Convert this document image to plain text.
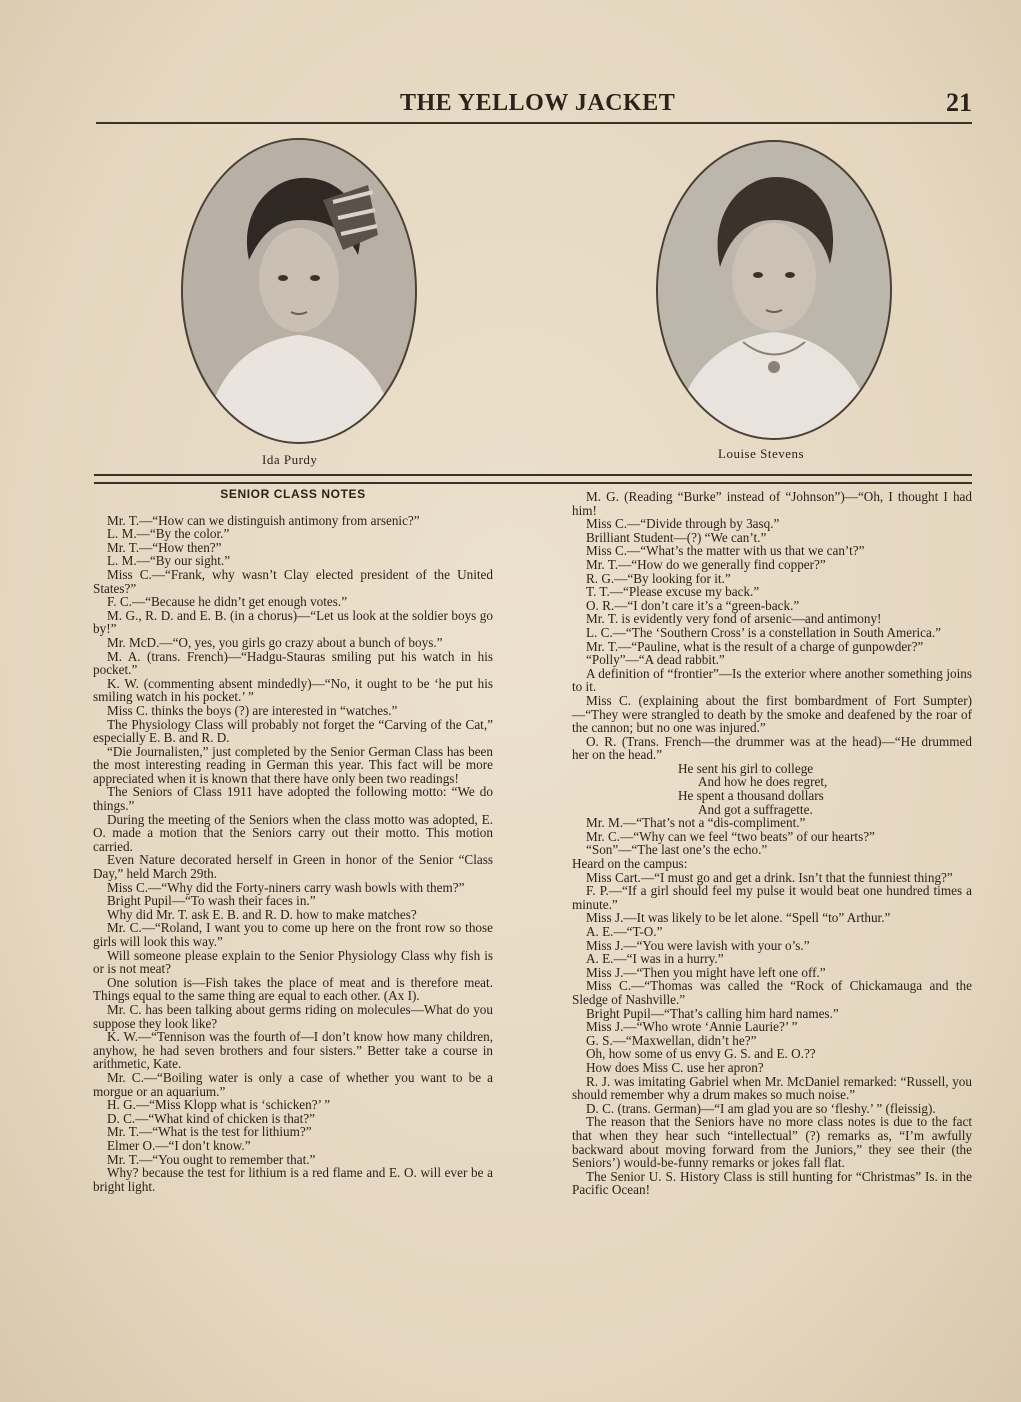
THE YELLOW JACKET	21
Ida Purdy	Louise Stevens
SENIOR CLASS NOTES

Mr. T.—“How can we distinguish antimony from arsenic?”

L. M.—“By the color.”

Mr. T.—“How then?”

L. M.—“By our sight.”

Miss C.—“Frank, why wasn’t Clay elected president of the United States?”

F. C.—“Because he didn’t get enough votes.”

M. G., R. D. and E. B. (in a chorus)—“Let us look at the soldier boys go by!”

Mr. McD.—“O, yes, you girls go crazy about a bunch of boys.”

M. A. (trans. French)—“Hadgu-Stauras smiling put his watch in his pocket.”

K. W. (commenting absent mindedly)—“No, it ought to be ‘he put his smiling watch in his pocket.’ ”

Miss C. thinks the boys (?) are interested in “watches.”

The Physiology Class will probably not forget the “Carving of the Cat,” especially E. B. and R. D.

“Die Journalisten,” just completed by the Senior German Class has been the most interesting reading in German this year. This fact will be more appreciated when it is known that there have only been two readings!

The Seniors of Class 1911 have adopted the following motto: “We do things.”

During the meeting of the Seniors when the class motto was adopted, E. O. made a motion that the Seniors carry out their motto. This motion carried.

Even Nature decorated herself in Green in honor of the Senior “Class Day,” held March 29th.

Miss C.—“Why did the Forty-niners carry wash bowls with them?”

Bright Pupil—“To wash their faces in.”

Why did Mr. T. ask E. B. and R. D. how to make matches?

Mr. C.—“Roland, I want you to come up here on the front row so those girls will look this way.”

Will someone please explain to the Senior Physiology Class why fish is or is not meat?

One solution is—Fish takes the place of meat and is therefore meat. Things equal to the same thing are equal to each other. (Ax I).

Mr. C. has been talking about germs riding on molecules—What do you suppose they look like?

K. W.—“Tennison was the fourth of—I don’t know how many children, anyhow, he had seven brothers and four sisters.” Better take a course in arithmetic, Kate.

Mr. C.—“Boiling water is only a case of whether you want to be a morgue or an aquarium.”

H. G.—“Miss Klopp what is ‘schicken?’ ”

D. C.—“What kind of chicken is that?”

Mr. T.—“What is the test for lithium?”

Elmer O.—“I don’t know.”

Mr. T.—“You ought to remember that.”

Why? because the test for lithium is a red flame and E. O. will ever be a bright light.

M. G. (Reading “Burke” instead of “Johnson”)—“Oh, I thought I had him!

Miss C.—“Divide through by 3asq.”

Brilliant Student—(?) “We can’t.”

Miss C.—“What’s the matter with us that we can’t?”

Mr. T.—“How do we generally find copper?”

R. G.—“By looking for it.”

T. T.—“Please excuse my back.”

O. R.—“I don’t care it’s a “green-back.”

Mr. T. is evidently very fond of arsenic—and antimony!

L. C.—“The ‘Southern Cross’ is a constellation in South America.”

Mr. T.—“Pauline, what is the result of a charge of gunpowder?”

“Polly”—“A dead rabbit.”

A definition of “frontier”—Is the exterior where another something joins to it.

Miss C. (explaining about the first bombardment of Fort Sumpter)—“They were strangled to death by the smoke and deafened by the roar of the cannon; but no one was injured.”

O. R. (Trans. French—the drummer was at the head)—“He drummed her on the head.”

He sent his girl to college

And how he does regret,

He spent a thousand dollars

And got a suffragette.

Mr. M.—“That’s not a “dis-compliment.”

Mr. C.—“Why can we feel “two beats” of our hearts?”

“Son”—“The last one’s the echo.”

Heard on the campus:

Miss Cart.—“I must go and get a drink. Isn’t that the funniest thing?”

F. P.—“If a girl should feel my pulse it would beat one hundred times a minute.”

Miss J.—It was likely to be let alone. “Spell “to” Arthur.”

A. E.—“T-O.”

Miss J.—“You were lavish with your o’s.”

A. E.—“I was in a hurry.”

Miss J.—“Then you might have left one off.”

Miss C.—“Thomas was called the “Rock of Chickamauga and the Sledge of Nashville.”

Bright Pupil—“That’s calling him hard names.”

Miss J.—“Who wrote ‘Annie Laurie?’ ”

G. S.—“Maxwellan, didn’t he?”

Oh, how some of us envy G. S. and E. O.??

How does Miss C. use her apron?

R. J. was imitating Gabriel when Mr. McDaniel remarked: “Russell, you should remember why a drum makes so much noise.”

D. C. (trans. German)—“I am glad you are so ‘fleshy.’ ” (fleissig).

The reason that the Seniors have no more class notes is due to the fact that when they hear such “intellectual” (?) remarks as, “I’m awfully backward about moving forward from the Juniors,” they see their (the Seniors’) would-be-funny remarks or jokes fall flat.

The Senior U. S. History Class is still hunting for “Christmas” Is. in the Pacific Ocean!
